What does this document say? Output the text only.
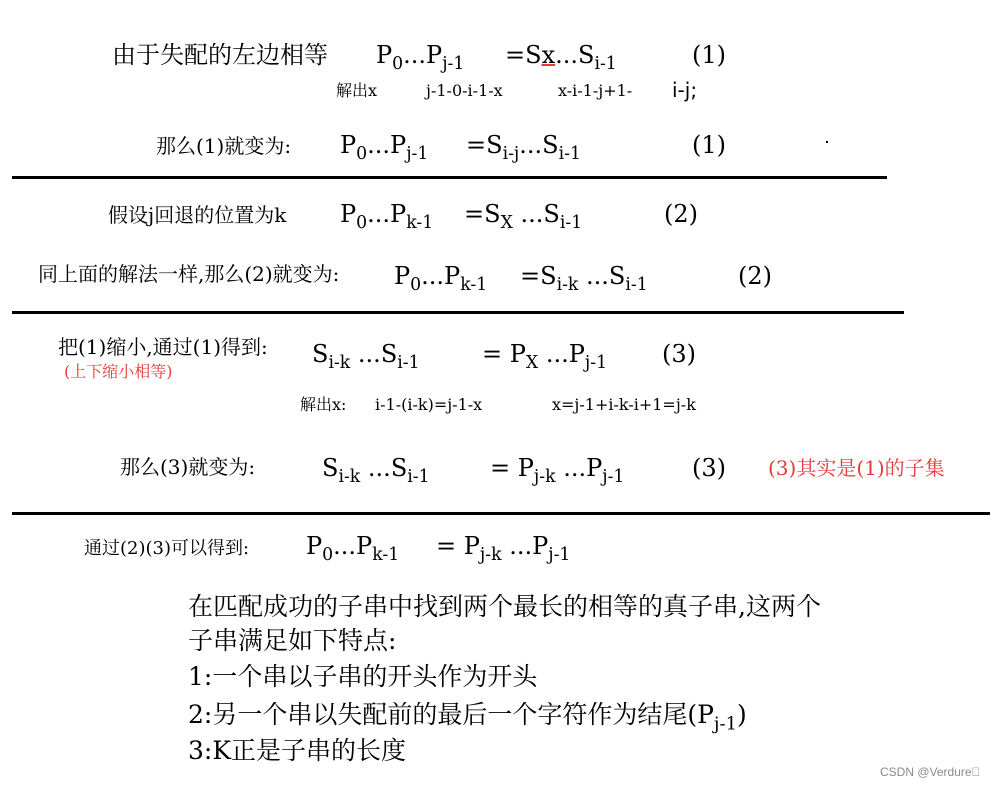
由于失配的左边相等 $P_0...P_{j-1} =Sx...S_{i-1}$	(1)
解出x	j-1-0-i-1-x	x-i-1-j+1- i-j;
那么(1)就变为: $P_0...P_{j-1} =S_{i-j}...S_{i-1}$	(1)
假设j回退的位置为k $P_0...P_{k-1} =S_X$ $...S_{i-1}$	(2)
同上面的解法一样,那么(2)就变为: $P_0...P_{k-1} =S_{i-k}$ $...S_{i-1}$	(2)
把(1)缩小,通过(1)得到:
(上下缩小相等)
$S_{i-k}$ $...S_{i-1}$	= $P_X$ $...P_{j-1}$ (3)
解出x: i-1-(i-k)=j-1-x	x=j-1+i-k-i+1=j-k
那么(3)就变为:	$S_{i-k}$ $...S_{i-1}$	= $P_{j-k}$ $...P_{j-1}$	(3) (3)其实是(1)的子集
通过(2)(3)可以得到: $P_0...P_{k-1} = P_{j-k}$ $...P_{j-1}$
在匹配成功的子串中找到两个最长的相等的真子串,这两个
子串满足如下特点:
1:一个串以子串的开头作为开头
2:另一个串以失配前的最后一个字符作为结尾$(P_{j-1})$
3:K正是子串的长度
CSDN @Verdure 
